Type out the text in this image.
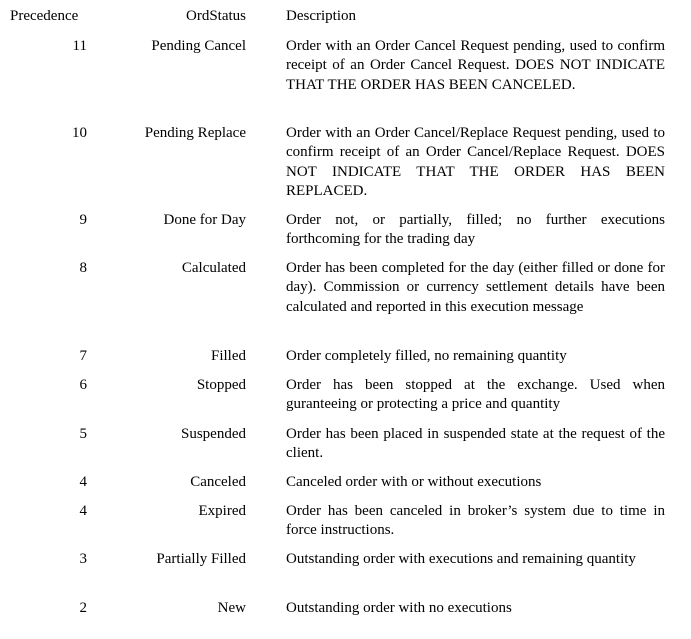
Precedence	OrdStatus	Description
11	Pending Cancel	Order with an Order Cancel Request pending, used to confirm receipt of an Order Cancel Request. DOES NOT INDICATE THAT THE ORDER HAS BEEN CANCELED.
10	Pending Replace	Order with an Order Cancel/Replace Request pending, used to confirm receipt of an Order Cancel/Replace Request. DOES NOT INDICATE THAT THE ORDER HAS BEEN REPLACED.
9	Done for Day	Order not, or partially, filled; no further executions forthcoming for the trading day
8	Calculated	Order has been completed for the day (either filled or done for day). Commission or currency settlement details have been calculated and reported in this execution message
7	Filled	Order completely filled, no remaining quantity
6	Stopped	Order has been stopped at the exchange. Used when guranteeing or protecting a price and quantity
5	Suspended	Order has been placed in suspended state at the request of the client.
4	Canceled	Canceled order with or without executions
4	Expired	Order has been canceled in broker’s system due to time in force instructions.
3	Partially Filled	Outstanding order with executions and remaining quantity
2	New	Outstanding order with no executions
